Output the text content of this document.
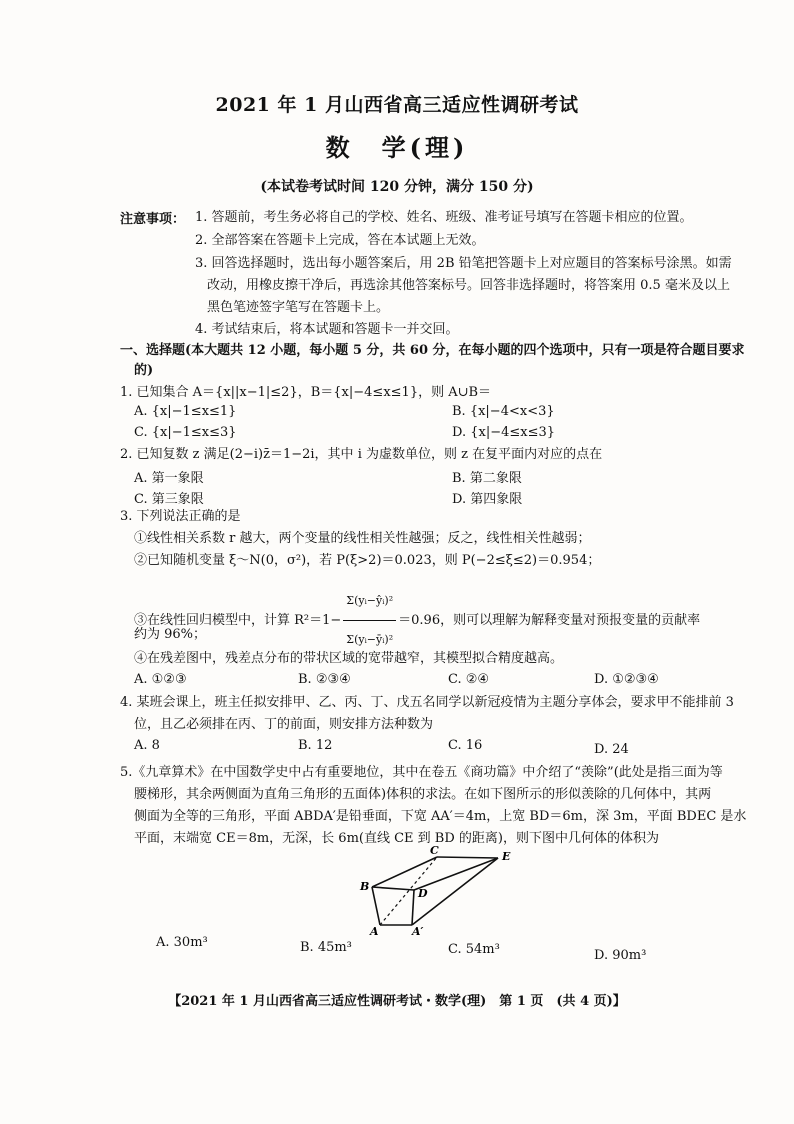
2021 年 1 月山西省高三适应性调研考试
数　学(理)
(本试卷考试时间 120 分钟，满分 150 分)
注意事项： 1. 答题前，考生务必将自己的学校、姓名、班级、准考证号填写在答题卡相应的位置。
2. 全部答案在答题卡上完成，答在本试题上无效。
3. 回答选择题时，选出每小题答案后，用 2B 铅笔把答题卡上对应题目的答案标号涂黑。如需
改动，用橡皮擦干净后，再选涂其他答案标号。回答非选择题时，将答案用 0.5 毫米及以上
黑色笔迹签字笔写在答题卡上。
4. 考试结束后，将本试题和答题卡一并交回。
一、选择题(本大题共 12 小题，每小题 5 分，共 60 分，在每小题的四个选项中，只有一项是符合题目要求
的)
1. 已知集合 A＝{x||x−1|≤2}，B＝{x|−4≤x≤1}，则 A∪B＝
A. {x|−1≤x≤1}	B. {x|−4<x<3}
C. {x|−1≤x≤3}	D. {x|−4≤x≤3}
2. 已知复数 z 满足(2−i)z̄＝1−2i，其中 i 为虚数单位，则 z 在复平面内对应的点在
A. 第一象限	B. 第二象限
C. 第三象限	D. 第四象限
3. 下列说法正确的是
①线性相关系数 r 越大，两个变量的线性相关性越强；反之，线性相关性越弱；
②已知随机变量 ξ～N(0，σ²)，若 P(ξ>2)＝0.023，则 P(−2≤ξ≤2)＝0.954；
③在线性回归模型中，计算 $R^2=1- \frac{\text{Σ(yᵢ−ŷᵢ)²}}{\text{Σ(yᵢ−ȳᵢ)²}} =0.96$，则可以理解为解释变量对预报变量的贡献率
约为 96%；
④在残差图中，残差点分布的带状区域的宽带越窄，其模型拟合精度越高。
A. ①②③	B. ②③④	C. ②④	D. ①②③④
4. 某班会课上，班主任拟安排甲、乙、丙、丁、戊五名同学以新冠疫情为主题分享体会，要求甲不能排前 3
位，且乙必须排在丙、丁的前面，则安排方法种数为
A. 8	B. 12	C. 16	D. 24
5.《九章算术》在中国数学史中占有重要地位，其中在卷五《商功篇》中介绍了“羡除”(此处是指三面为等
腰梯形，其余两侧面为直角三角形的五面体)体积的求法。在如下图所示的形似羡除的几何体中，其两
侧面为全等的三角形，平面 ABDA′是铅垂面，下宽 AA′＝4m，上宽 BD＝6m，深 3m，平面 BDEC 是水
平面，末端宽 CE＝8m，无深，长 6m(直线 CE 到 BD 的距离)，则下图中几何体的体积为
B
C	E
D
A	A′
A. 30m³	B. 45m³	C. 54m³	D. 90m³
【2021 年 1 月山西省高三适应性调研考试・数学(理)　第 1 页　(共 4 页)】
